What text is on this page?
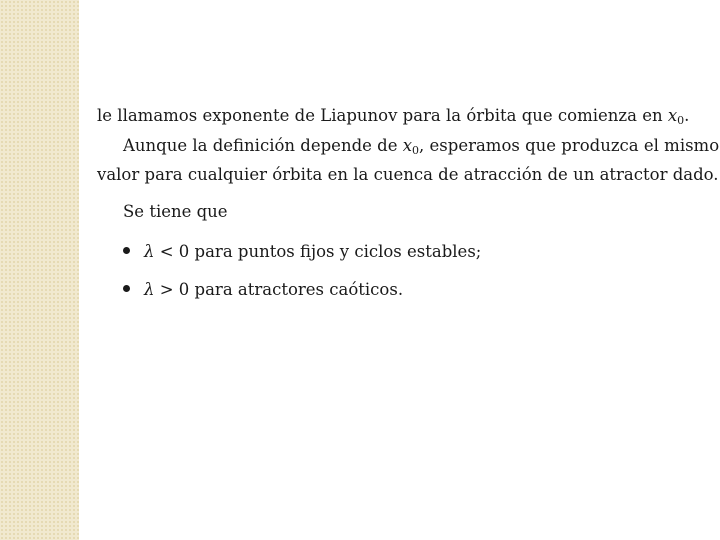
le llamamos exponente de Liapunov para la órbita que comienza en $x_0$.

Aunque la definición depende de $x_0$, esperamos que produzca el mismo

valor para cualquier órbita en la cuenca de atracción de un atractor dado.

Se tiene que

λ < 0 para puntos fijos y ciclos estables;
λ > 0 para atractores caóticos.
